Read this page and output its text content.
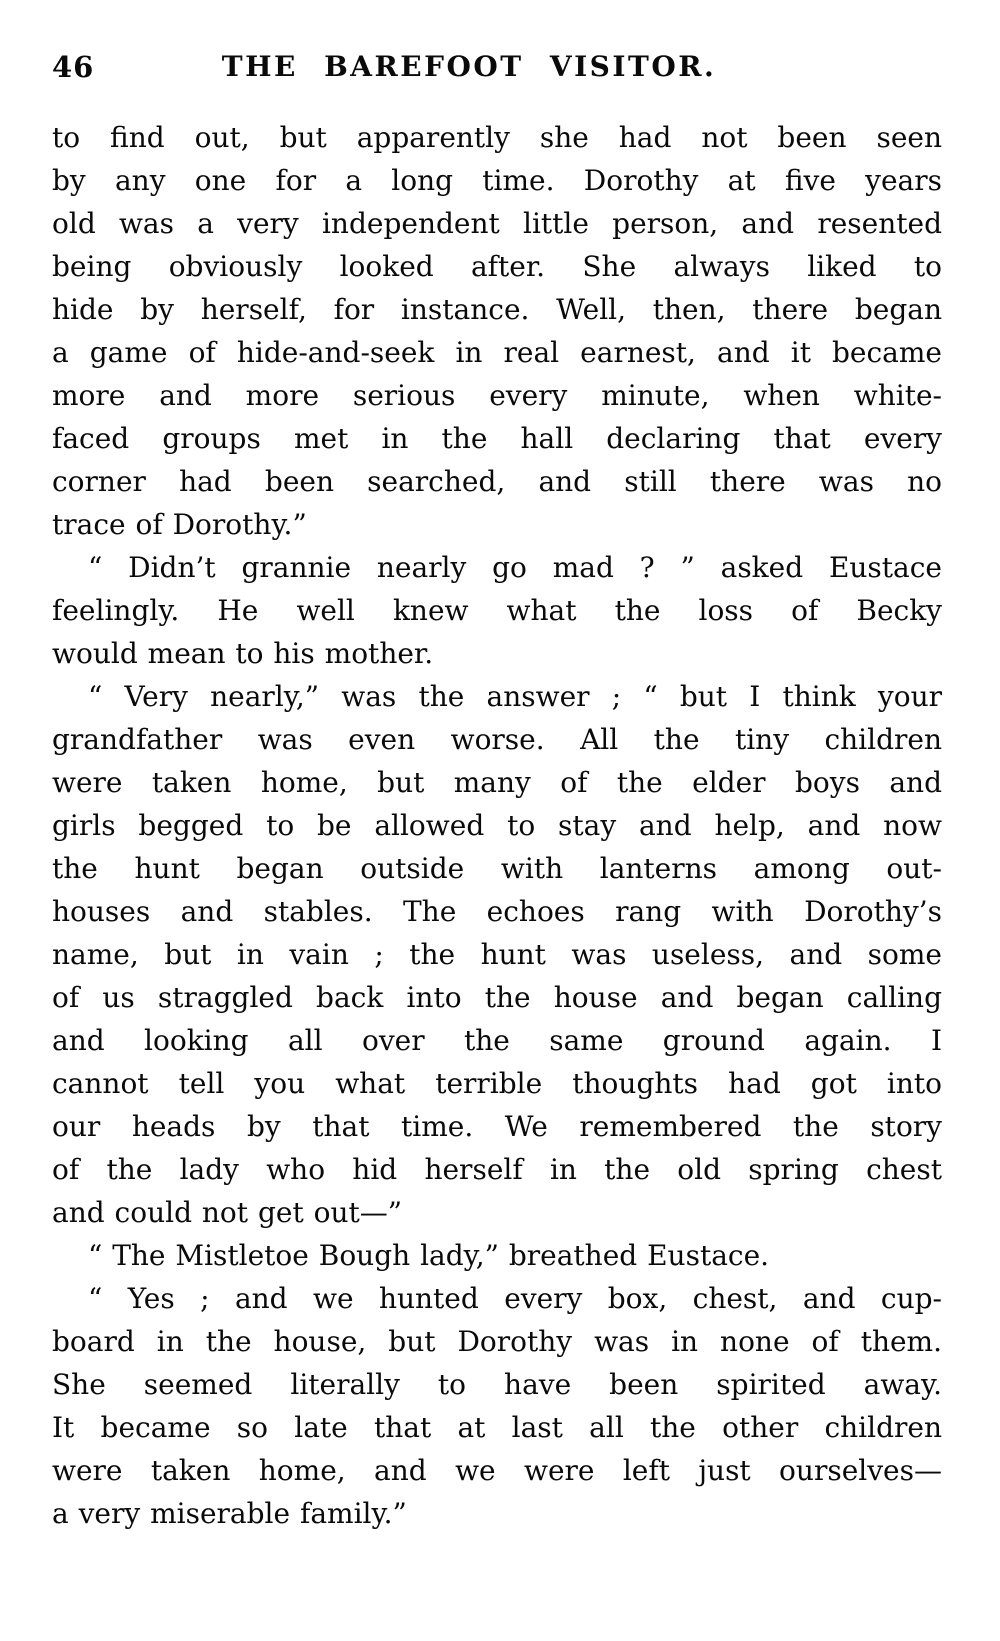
46	THE BAREFOOT VISITOR.
to find out, but apparently she had not been seen
by any one for a long time. Dorothy at five years
old was a very independent little person, and resented
being obviously looked after. She always liked to
hide by herself, for instance. Well, then, there began
a game of hide-and-seek in real earnest, and it became
more and more serious every minute, when white-
faced groups met in the hall declaring that every
corner had been searched, and still there was no
trace of Dorothy.”
“ Didn’t grannie nearly go mad ? ” asked Eustace
feelingly. He well knew what the loss of Becky
would mean to his mother.
“ Very nearly,” was the answer ; “ but I think your
grandfather was even worse. All the tiny children
were taken home, but many of the elder boys and
girls begged to be allowed to stay and help, and now
the hunt began outside with lanterns among out-
houses and stables. The echoes rang with Dorothy’s
name, but in vain ; the hunt was useless, and some
of us straggled back into the house and began calling
and looking all over the same ground again. I
cannot tell you what terrible thoughts had got into
our heads by that time. We remembered the story
of the lady who hid herself in the old spring chest
and could not get out—”
“ The Mistletoe Bough lady,” breathed Eustace.
“ Yes ; and we hunted every box, chest, and cup-
board in the house, but Dorothy was in none of them.
She seemed literally to have been spirited away.
It became so late that at last all the other children
were taken home, and we were left just ourselves—
a very miserable family.”
